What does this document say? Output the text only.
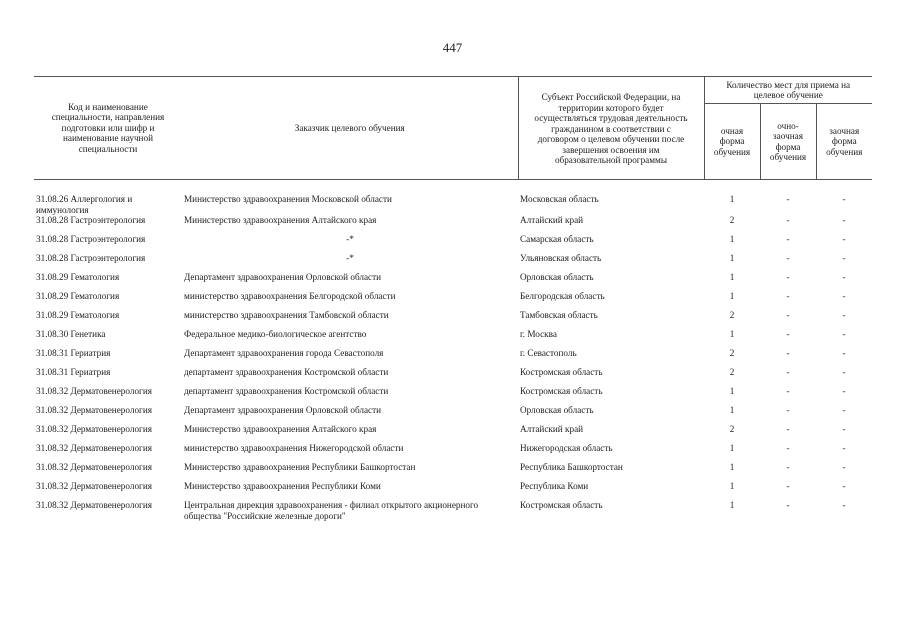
447
Код и наименование специальности, направления подготовки или шифр и наименование научной специальности	Заказчик целевого обучения	Субъект Российской Федерации, на территории которого будет осуществляться трудовая деятельность гражданином в соответствии с договором о целевом обучении после завершения освоения им образовательной программы	Количество мест для приема на целевое обучение		
			очная форма обучения	очно-заочная форма обучения	заочная форма обучения
31.08.26 Аллергология и иммунология	Министерство здравоохранения Московской области	Московская область	1	-	-
31.08.28 Гастроэнтерология	Министерство здравоохранения Алтайского края	Алтайский край	2	-	-
31.08.28 Гастроэнтерология	-*	Самарская область	1	-	-
31.08.28 Гастроэнтерология	-*	Ульяновская область	1	-	-
31.08.29 Гематология	Департамент здравоохранения Орловской области	Орловская область	1	-	-
31.08.29 Гематология	министерство здравоохранения Белгородской области	Белгородская область	1	-	-
31.08.29 Гематология	министерство здравоохранения Тамбовской области	Тамбовская область	2	-	-
31.08.30 Генетика	Федеральное медико-биологическое агентство	г. Москва	1	-	-
31.08.31 Гериатрия	Департамент здравоохранения города Севастополя	г. Севастополь	2	-	-
31.08.31 Гериатрия	департамент здравоохранения Костромской области	Костромская область	2	-	-
31.08.32 Дерматовенерология	департамент здравоохранения Костромской области	Костромская область	1	-	-
31.08.32 Дерматовенерология	Департамент здравоохранения Орловской области	Орловская область	1	-	-
31.08.32 Дерматовенерология	Министерство здравоохранения Алтайского края	Алтайский край	2	-	-
31.08.32 Дерматовенерология	министерство здравоохранения Нижегородской области	Нижегородская область	1	-	-
31.08.32 Дерматовенерология	Министерство здравоохранения Республики Башкортостан	Республика Башкортостан	1	-	-
31.08.32 Дерматовенерология	Министерство здравоохранения Республики Коми	Республика Коми	1	-	-
31.08.32 Дерматовенерология	Центральная дирекция здравоохранения - филиал открытого акционерного общества "Российские железные дороги"	Костромская область	1	-	-
